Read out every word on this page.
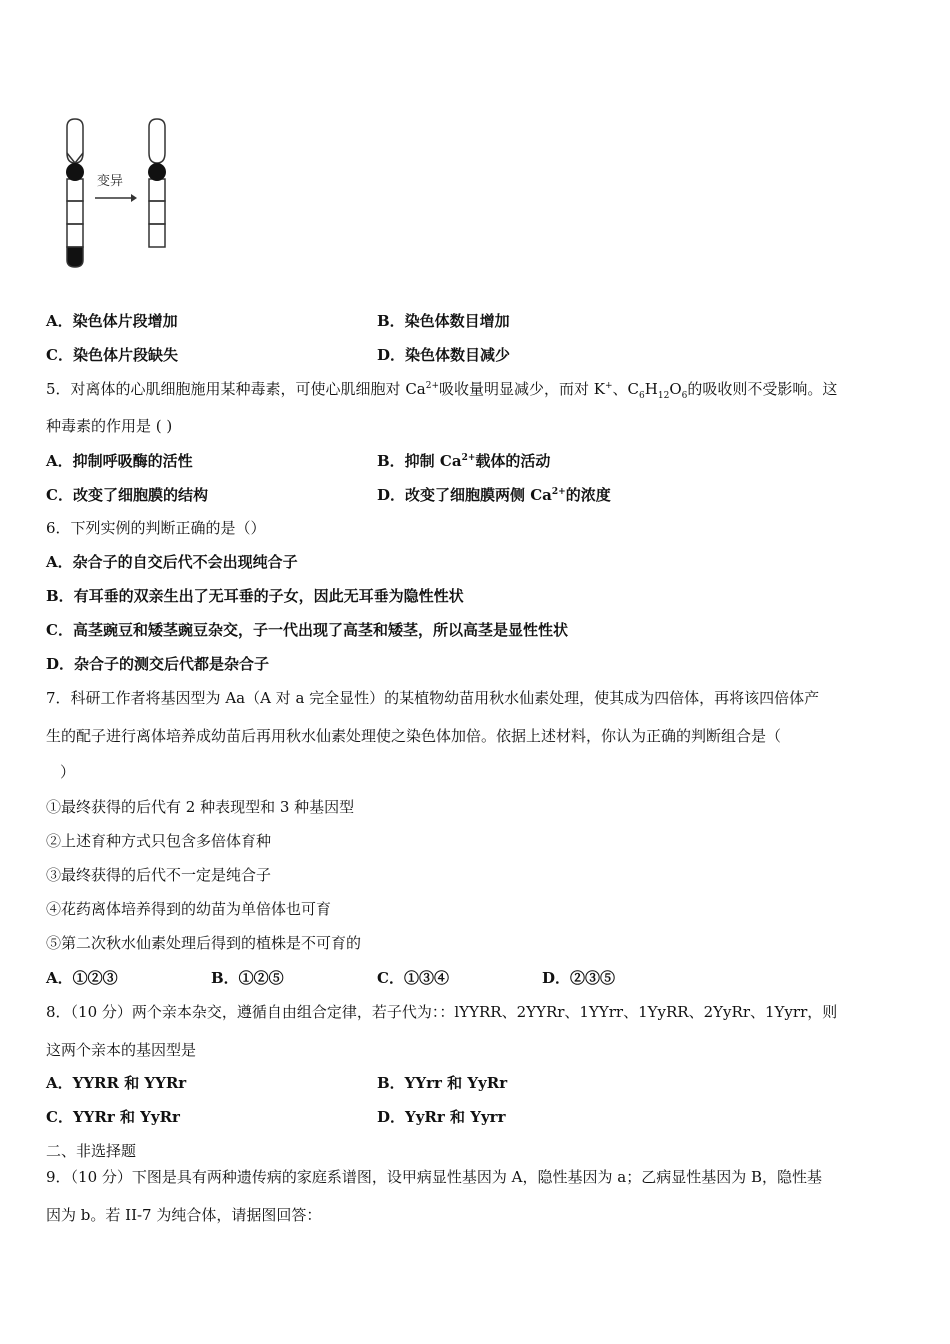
变异
A．染色体片段增加	B．染色体数目增加
C．染色体片段缺失	D．染色体数目减少
5．对离体的心肌细胞施用某种毒素，可使心肌细胞对 $Ca^{2+}$吸收量明显减少，而对 K+、$C_6H_{12}O_6$的吸收则不受影响。这
种毒素的作用是 ( )
A．抑制呼吸酶的活性	B．抑制 $Ca^{2+}$载体的活动
C．改变了细胞膜的结构	D．改变了细胞膜两侧 $Ca^{2+}$的浓度
6．下列实例的判断正确的是（）
A．杂合子的自交后代不会出现纯合子
B．有耳垂的双亲生出了无耳垂的子女，因此无耳垂为隐性性状
C．高茎豌豆和矮茎豌豆杂交，子一代出现了高茎和矮茎，所以高茎是显性性状
D．杂合子的测交后代都是杂合子
7．科研工作者将基因型为 Aa（A 对 a 完全显性）的某植物幼苗用秋水仙素处理，使其成为四倍体，再将该四倍体产
生的配子进行离体培养成幼苗后再用秋水仙素处理使之染色体加倍。依据上述材料，你认为正确的判断组合是（
）
①最终获得的后代有 2 种表现型和 3 种基因型
②上述育种方式只包含多倍体育种
③最终获得的后代不一定是纯合子
④花药离体培养得到的幼苗为单倍体也可育
⑤第二次秋水仙素处理后得到的植株是不可育的
A．①②③	B．①②⑤	C．①③④	D．②③⑤
8．（10 分）两个亲本杂交，遵循自由组合定律，若子代为：：lYYRR、2YYRr、1YYrr、1YyRR、2YyRr、1Yyrr，则
这两个亲本的基因型是
A．YYRR 和 YYRr	B．YYrr 和 YyRr
C．YYRr 和 YyRr	D．YyRr 和 Yyrr
二、非选择题
9．（10 分）下图是具有两种遗传病的家庭系谱图，设甲病显性基因为 A，隐性基因为 a；乙病显性基因为 B，隐性基
因为 b。若 II-7 为纯合体，请据图回答：
